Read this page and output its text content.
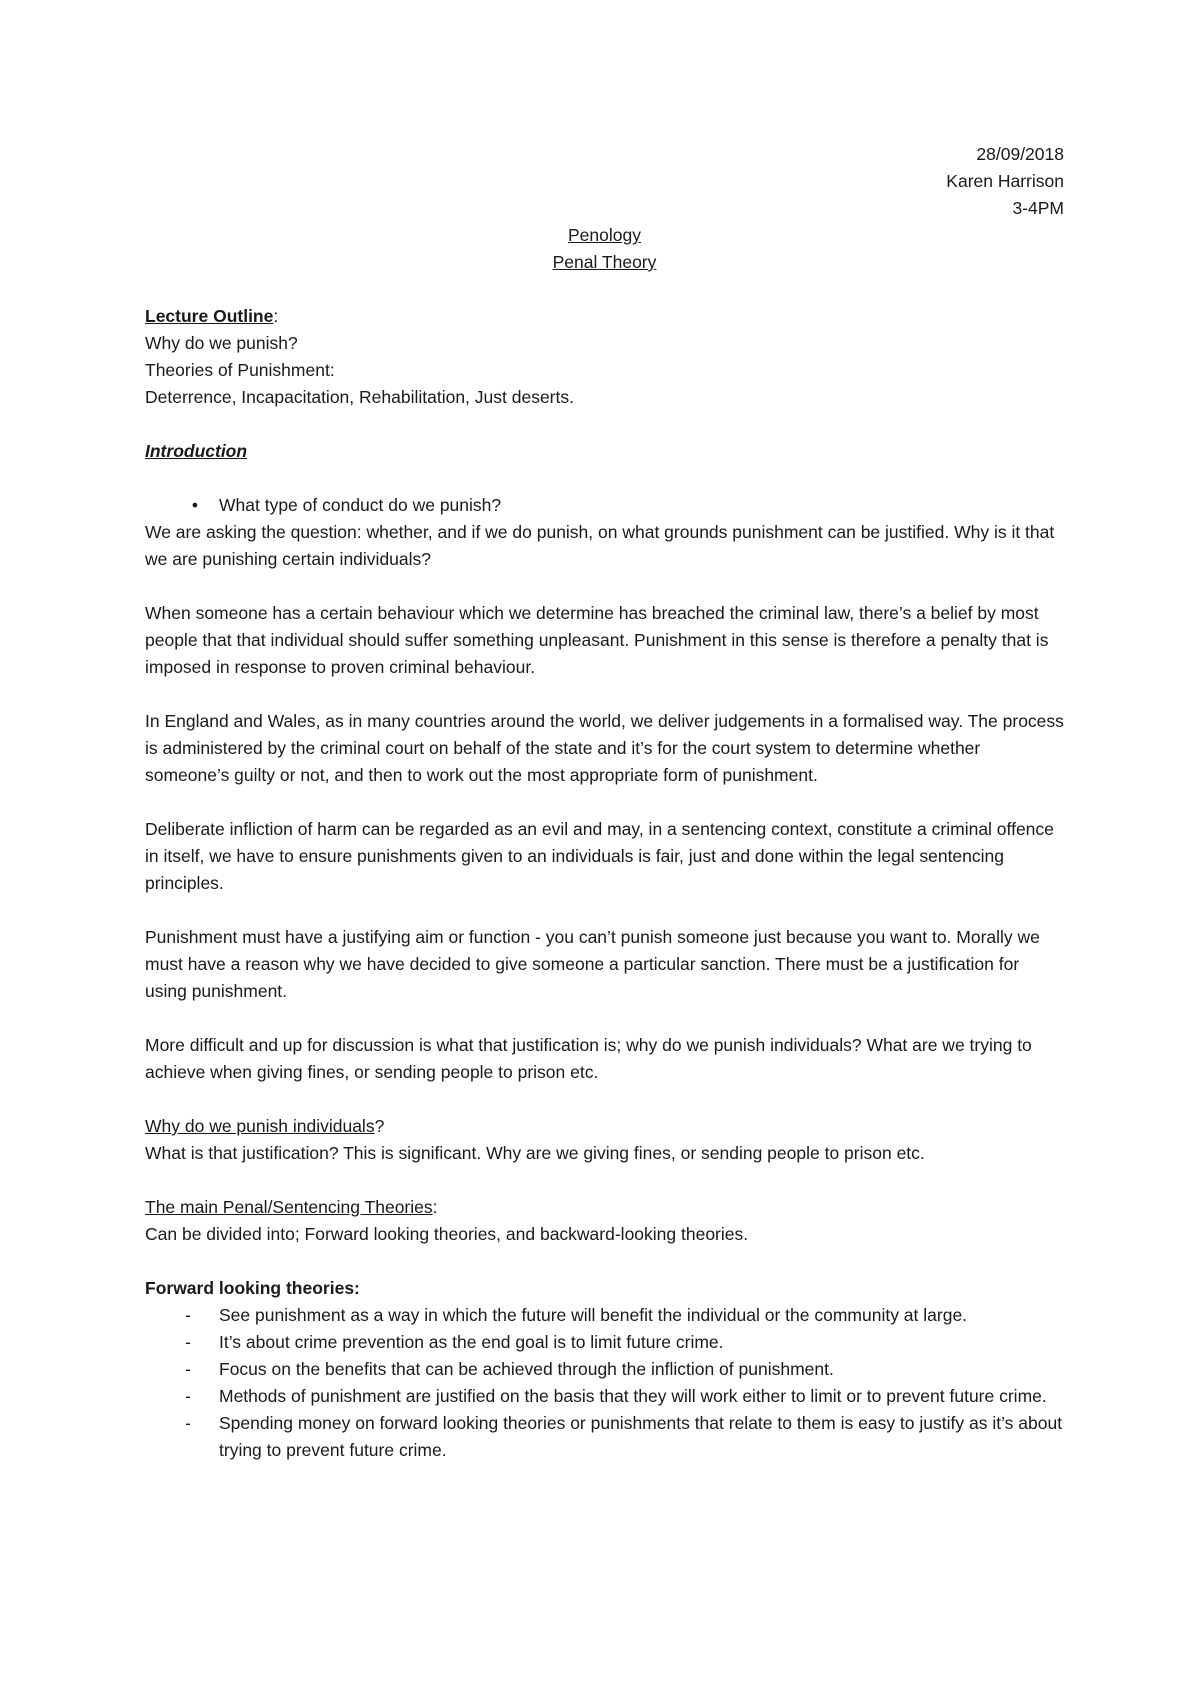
28/09/2018
Karen Harrison
3-4PM
Penology
Penal Theory

Lecture Outline:

Why do we punish?

Theories of Punishment:

Deterrence, Incapacitation, Rehabilitation, Just deserts.

Introduction

•	What type of conduct do we punish?

We are asking the question: whether, and if we do punish, on what grounds punishment can be justified. Why is it that we are punishing certain individuals?

When someone has a certain behaviour which we determine has breached the criminal law, there’s a belief by most people that that individual should suffer something unpleasant. Punishment in this sense is therefore a penalty that is imposed in response to proven criminal behaviour.

In England and Wales, as in many countries around the world, we deliver judgements in a formalised way. The process is administered by the criminal court on behalf of the state and it’s for the court system to determine whether someone’s guilty or not, and then to work out the most appropriate form of punishment.

Deliberate infliction of harm can be regarded as an evil and may, in a sentencing context, constitute a criminal offence in itself, we have to ensure punishments given to an individuals is fair, just and done within the legal sentencing principles.

Punishment must have a justifying aim or function - you can’t punish someone just because you want to. Morally we must have a reason why we have decided to give someone a particular sanction. There must be a justification for using punishment.

More difficult and up for discussion is what that justification is; why do we punish individuals? What are we trying to achieve when giving fines, or sending people to prison etc.

Why do we punish individuals?

What is that justification? This is significant. Why are we giving fines, or sending people to prison etc.

The main Penal/Sentencing Theories:

Can be divided into; Forward looking theories, and backward-looking theories.

Forward looking theories:

- See punishment as a way in which the future will benefit the individual or the community at large.
- It’s about crime prevention as the end goal is to limit future crime.
- Focus on the benefits that can be achieved through the infliction of punishment.
- Methods of punishment are justified on the basis that they will work either to limit or to prevent future crime.
- Spending money on forward looking theories or punishments that relate to them is easy to justify as it’s about trying to prevent future crime.
